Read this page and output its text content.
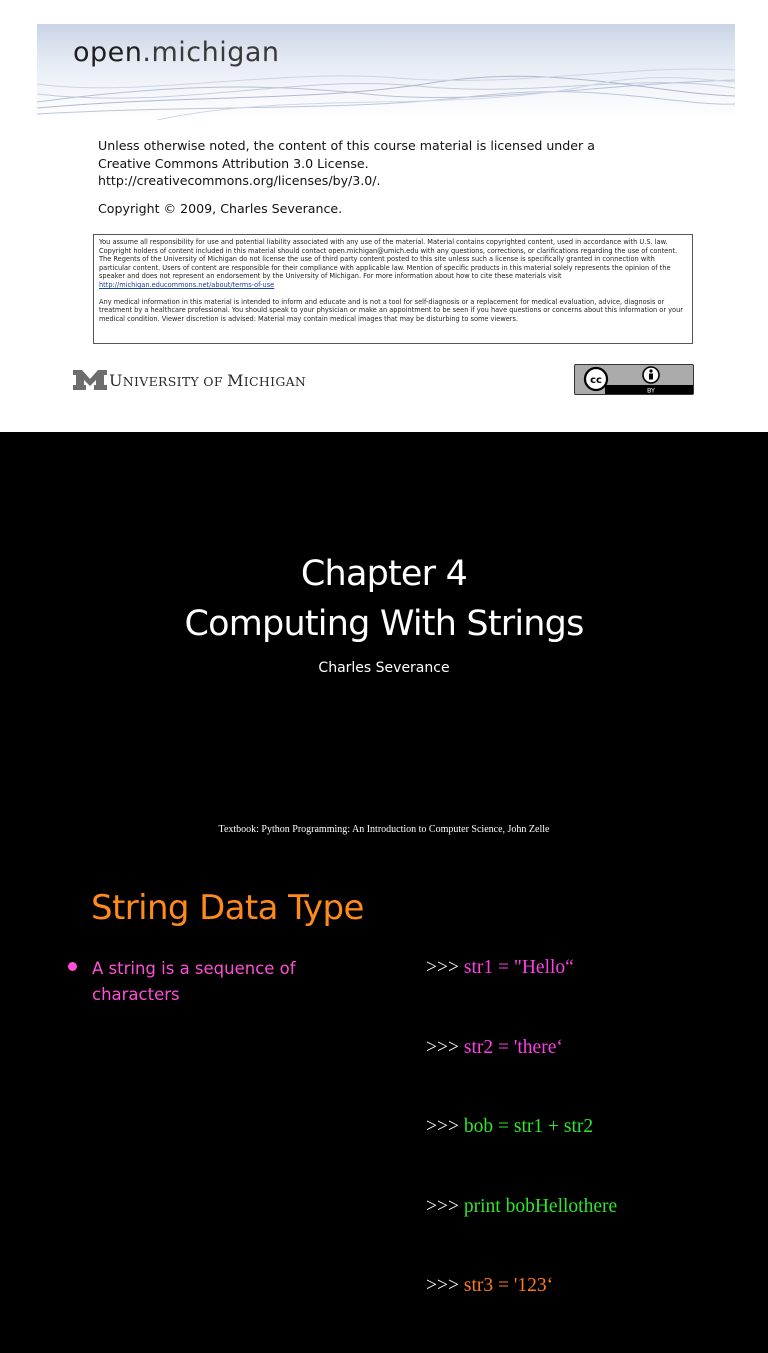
open.michigan

Unless otherwise noted, the content of this course material is licensed under a

Creative Commons Attribution 3.0 License.

http://creativecommons.org/licenses/by/3.0/.

Copyright © 2009, Charles Severance.

You assume all responsibility for use and potential liability associated with any use of the material. Material contains copyrighted content, used in accordance with U.S. law. Copyright holders of content included in this material should contact open.michigan@umich.edu with any questions, corrections, or clarifications regarding the use of content. The Regents of the University of Michigan do not license the use of third party content posted to this site unless such a license is specifically granted in connection with particular content. Users of content are responsible for their compliance with applicable law. Mention of specific products in this material solely represents the opinion of the speaker and does not represent an endorsement by the University of Michigan. For more information about how to cite these materials visit http://michigan.educommons.net/about/terms-of-use

Any medical information in this material is intended to inform and educate and is not a tool for self-diagnosis or a replacement for medical evaluation, advice, diagnosis or treatment by a healthcare professional. You should speak to your physician or make an appointment to be seen if you have questions or concerns about this information or your medical condition. Viewer discretion is advised: Material may contain medical images that may be disturbing to some viewers.

UNIVERSITY OF MICHIGAN	cc
BY
Chapter 4
Computing With Strings
Charles Severance
Textbook: Python Programming: An Introduction to Computer Science, John Zelle
String Data Type
A string is a sequence of characters

>>> str1 = "Hello“

>>> str2 = 'there‘

>>> bob = str1 + str2

>>> print bobHellothere

>>> str3 = '123‘
